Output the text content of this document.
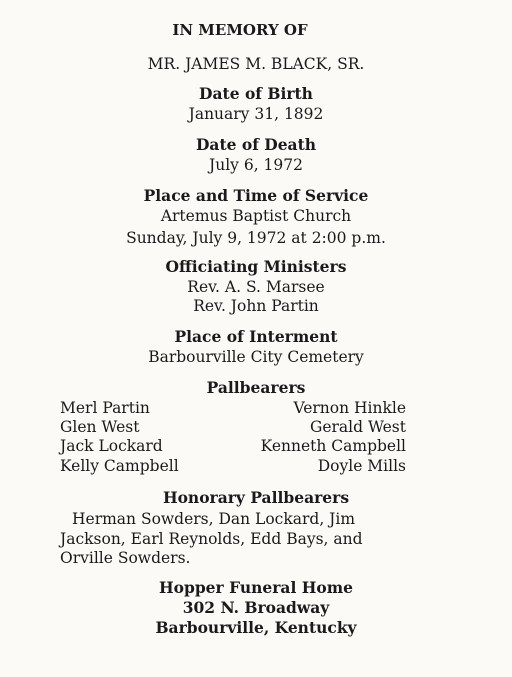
IN MEMORY OF
MR. JAMES M. BLACK, SR.
Date of Birth
January 31, 1892
Date of Death
July 6, 1972
Place and Time of Service
Artemus Baptist Church
Sunday, July 9, 1972 at 2:00 p.m.
Officiating Ministers
Rev. A. S. Marsee
Rev. John Partin
Place of Interment
Barbourville City Cemetery
Pallbearers
Merl Partin
Glen West
Jack Lockard
Kelly Campbell
Vernon Hinkle
Gerald West
Kenneth Campbell
Doyle Mills
Honorary Pallbearers
Herman Sowders, Dan Lockard, Jim
Jackson, Earl Reynolds, Edd Bays, and
Orville Sowders.
Hopper Funeral Home
302 N. Broadway
Barbourville, Kentucky
